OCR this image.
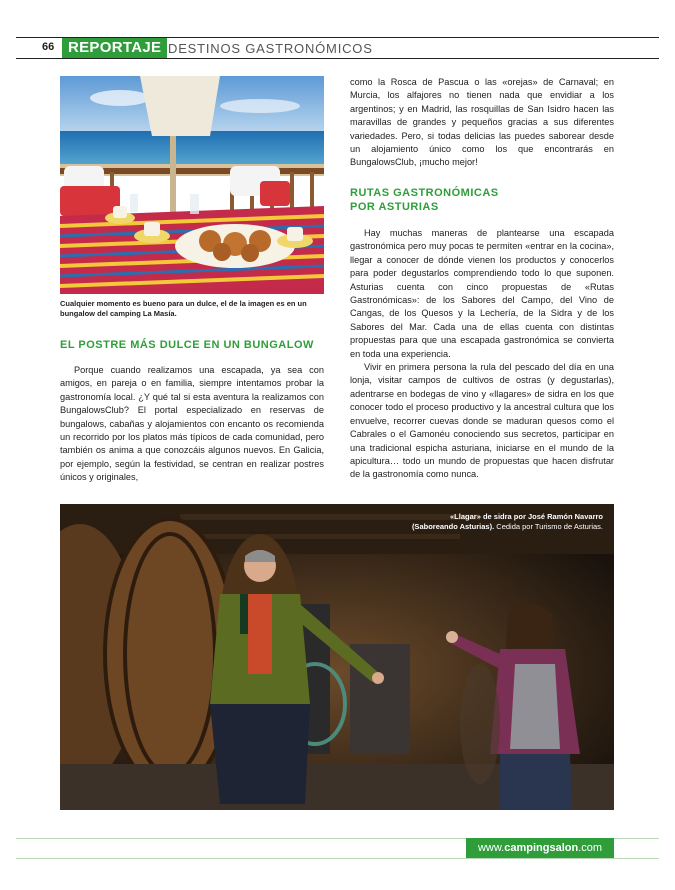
66 REPORTAJE DESTINOS GASTRONÓMICOS
Cualquier momento es bueno para un dulce, el de la imagen es en un bungalow del camping La Masía.
EL POSTRE MÁS DULCE EN UN BUNGALOW

Porque cuando realizamos una escapada, ya sea con amigos, en pareja o en familia, siempre intentamos probar la gastronomía local. ¿Y qué tal si esta aventura la realizamos con BungalowsClub? El portal especializado en reservas de bungalows, cabañas y alojamientos con encanto os recomienda un recorrido por los platos más típicos de cada comunidad, pero también os anima a que conozcáis algunos nuevos. En Galicia, por ejemplo, según la festividad, se centran en realizar postres únicos y originales,

como la Rosca de Pascua o las «orejas» de Carnaval; en Murcia, los alfajores no tienen nada que envidiar a los argentinos; y en Madrid, las rosquillas de San Isidro hacen las maravillas de grandes y pequeños gracias a sus diferentes variedades. Pero, si todas delicias las puedes saborear desde un alojamiento único como los que encontrarás en BungalowsClub, ¡mucho mejor!

RUTAS GASTRONÓMICAS
POR ASTURIAS

Hay muchas maneras de plantearse una escapada gastronómica pero muy pocas te permiten «entrar en la cocina», llegar a conocer de dónde vienen los productos y conocerlos para poder degustarlos comprendiendo todo lo que suponen. Asturias cuenta con cinco propuestas de «Rutas Gastronómicas»: de los Sabores del Campo, del Vino de Cangas, de los Quesos y la Lechería, de la Sidra y de los Sabores del Mar. Cada una de ellas cuenta con distintas propuestas para que una escapada gastronómica se convierta en toda una experiencia.

Vivir en primera persona la rula del pescado del día en una lonja, visitar campos de cultivos de ostras (y degustarlas), adentrarse en bodegas de vino y «llagares» de sidra en los que conocer todo el proceso productivo y la ancestral cultura que los envuelve, recorrer cuevas donde se maduran quesos como el Cabrales o el Gamonéu conociendo sus secretos, participar en una tradicional espicha asturiana, iniciarse en el mundo de la apicultura… todo un mundo de propuestas que hacen disfrutar de la gastronomía como nunca.

«Llagar» de sidra por José Ramón Navarro (Saboreando Asturias). Cedida por Turismo de Asturias.
www.campingsalon.com
